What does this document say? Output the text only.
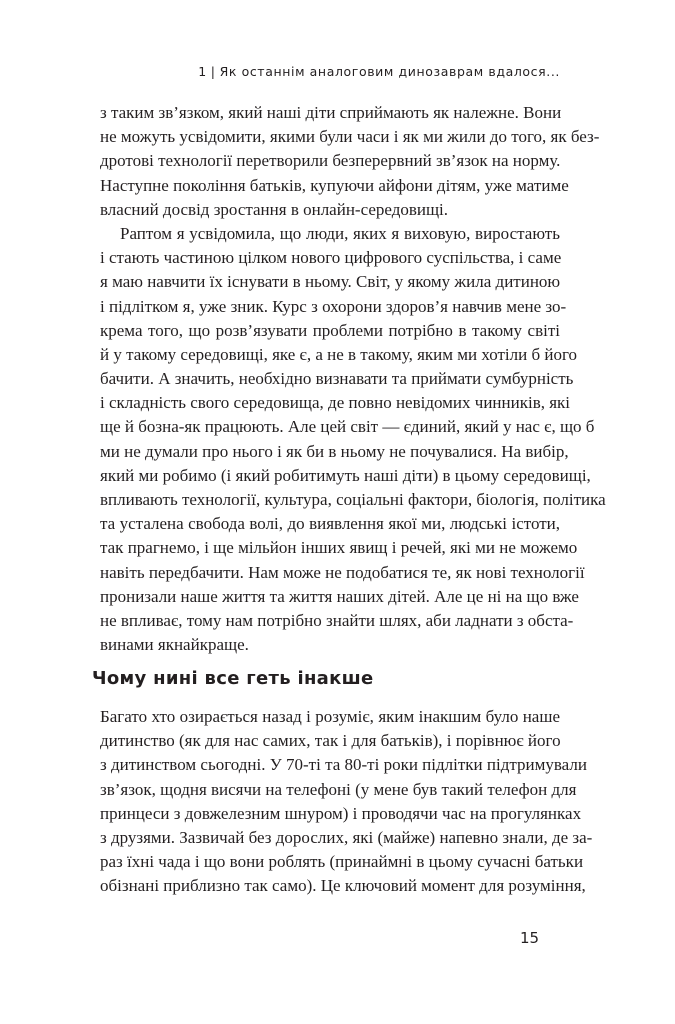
1 | Як останнім аналоговим динозаврам вдалося...
з таким зв’язком, який наші діти сприймають як належне. Вони
не можуть усвідомити, якими були часи і як ми жили до того, як без-
дротові технології перетворили безперервний зв’язок на норму.
Наступне покоління батьків, купуючи айфони дітям, уже матиме
власний досвід зростання в онлайн-середовищі.
Раптом я усвідомила, що люди, яких я виховую, виростають
і стають частиною цілком нового цифрового суспільства, і саме
я маю навчити їх існувати в ньому. Світ, у якому жила дитиною
і підлітком я, уже зник. Курс з охорони здоров’я навчив мене зо-
крема того, що розв’язувати проблеми потрібно в такому світі
й у такому середовищі, яке є, а не в такому, яким ми хотіли б його
бачити. А значить, необхідно визнавати та приймати сумбурність
і складність свого середовища, де повно невідомих чинників, які
ще й бозна-як працюють. Але цей світ — єдиний, який у нас є, що б
ми не думали про нього і як би в ньому не почувалися. На вибір,
який ми робимо (і який робитимуть наші діти) в цьому середовищі,
впливають технології, культура, соціальні фактори, біологія, політика
та усталена свобода волі, до виявлення якої ми, людські істоти,
так прагнемо, і ще мільйон інших явищ і речей, які ми не можемо
навіть передбачити. Нам може не подобатися те, як нові технології
пронизали наше життя та життя наших дітей. Але це ні на що вже
не впливає, тому нам потрібно знайти шлях, аби ладнати з обста-
винами якнайкраще.
Чому нині все геть інакше
Багато хто озирається назад і розуміє, яким інакшим було наше
дитинство (як для нас самих, так і для батьків), і порівнює його
з дитинством сьогодні. У 70-ті та 80-ті роки підлітки підтримували
зв’язок, щодня висячи на телефоні (у мене був такий телефон для
принцеси з довжелезним шнуром) і проводячи час на прогулянках
з друзями. Зазвичай без дорослих, які (майже) напевно знали, де за-
раз їхні чада і що вони роблять (принаймні в цьому сучасні батьки
обізнані приблизно так само). Це ключовий момент для розуміння,
15
